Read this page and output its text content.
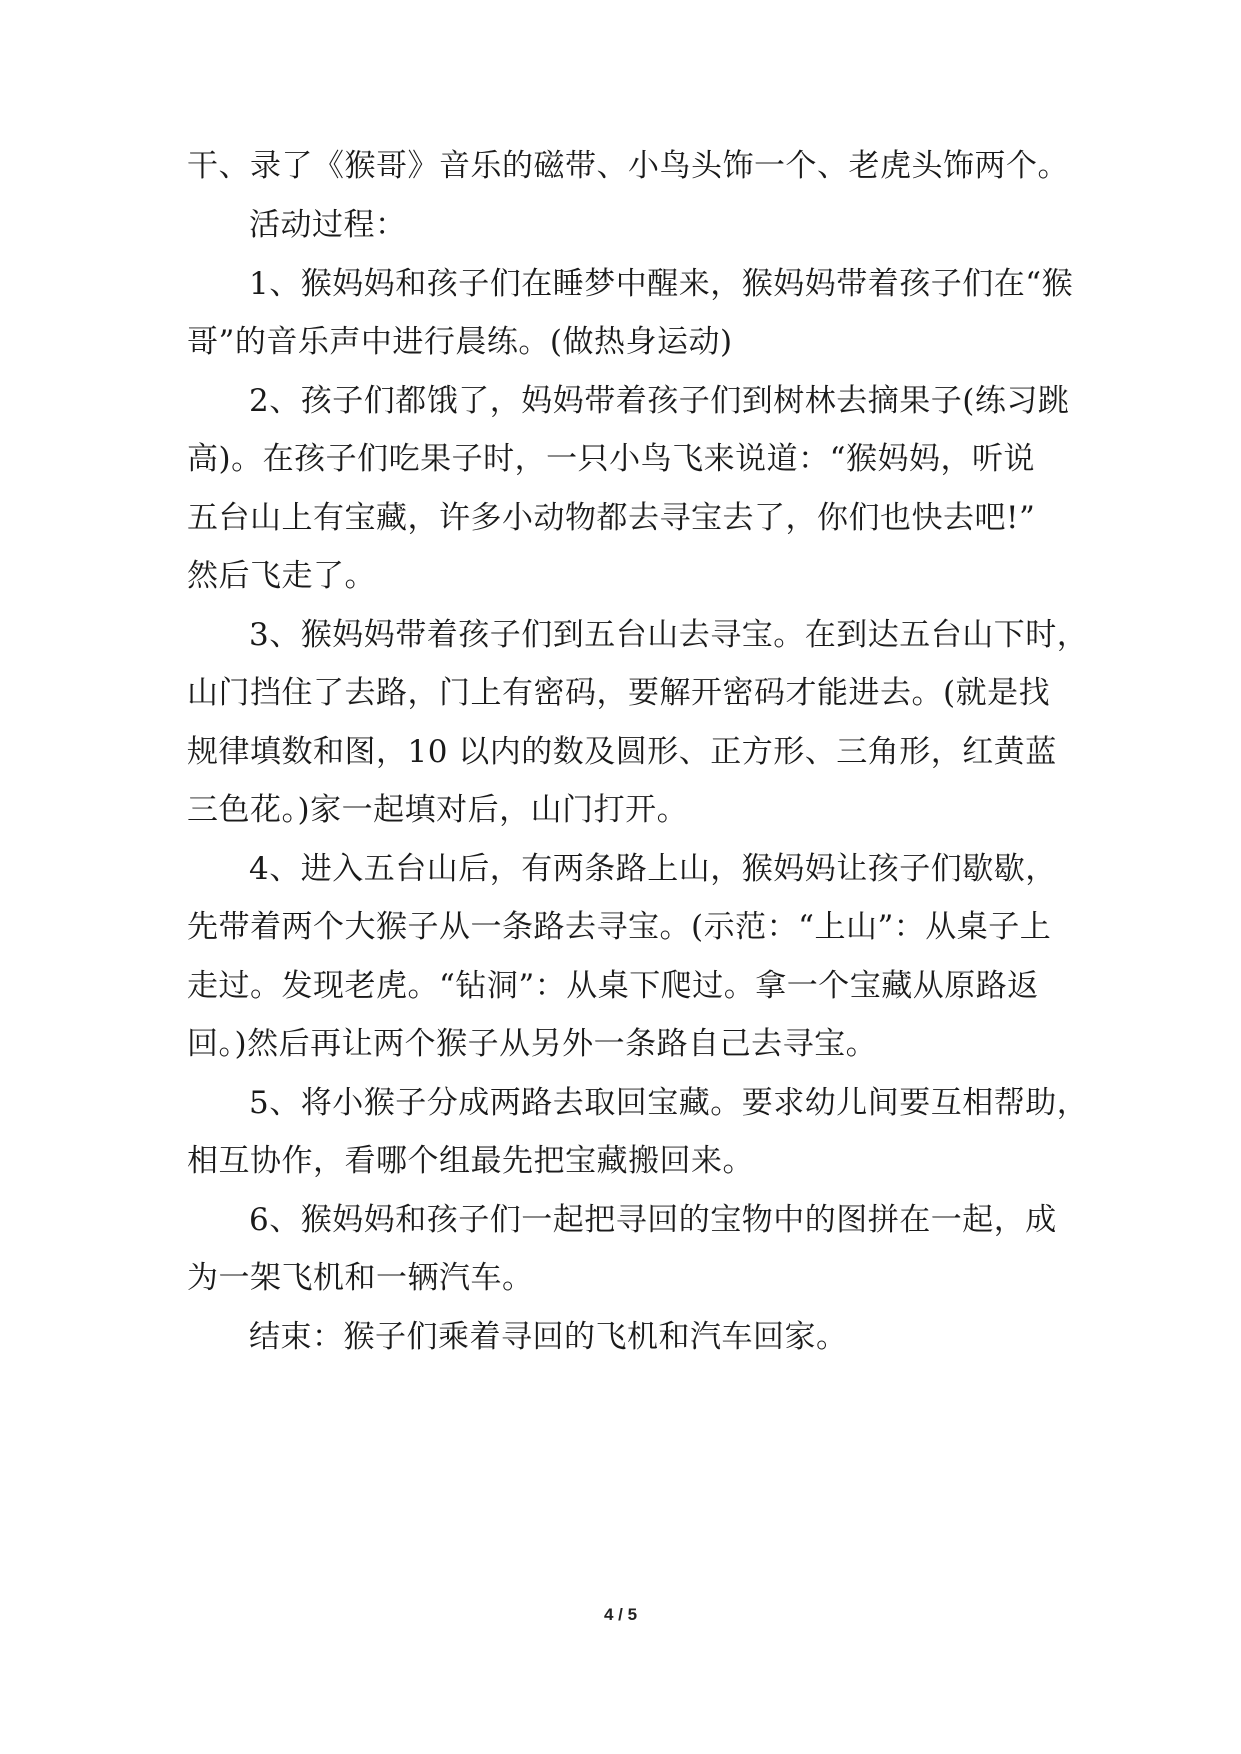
干、录了《猴哥》音乐的磁带、小鸟头饰一个、老虎头饰两个。
活动过程：
1、猴妈妈和孩子们在睡梦中醒来，猴妈妈带着孩子们在“猴
哥”的音乐声中进行晨练。(做热身运动)
2、孩子们都饿了，妈妈带着孩子们到树林去摘果子(练习跳
高)。在孩子们吃果子时，一只小鸟飞来说道：“猴妈妈，听说
五台山上有宝藏，许多小动物都去寻宝去了，你们也快去吧!”
然后飞走了。
3、猴妈妈带着孩子们到五台山去寻宝。在到达五台山下时，
山门挡住了去路，门上有密码，要解开密码才能进去。(就是找
规律填数和图，10 以内的数及圆形、正方形、三角形，红黄蓝
三色花。)家一起填对后，山门打开。
4、进入五台山后，有两条路上山，猴妈妈让孩子们歇歇，
先带着两个大猴子从一条路去寻宝。(示范：“上山”：从桌子上
走过。发现老虎。“钻洞”：从桌下爬过。拿一个宝藏从原路返
回。)然后再让两个猴子从另外一条路自己去寻宝。
5、将小猴子分成两路去取回宝藏。要求幼儿间要互相帮助，
相互协作，看哪个组最先把宝藏搬回来。
6、猴妈妈和孩子们一起把寻回的宝物中的图拼在一起，成
为一架飞机和一辆汽车。
结束：猴子们乘着寻回的飞机和汽车回家。
4 / 5
